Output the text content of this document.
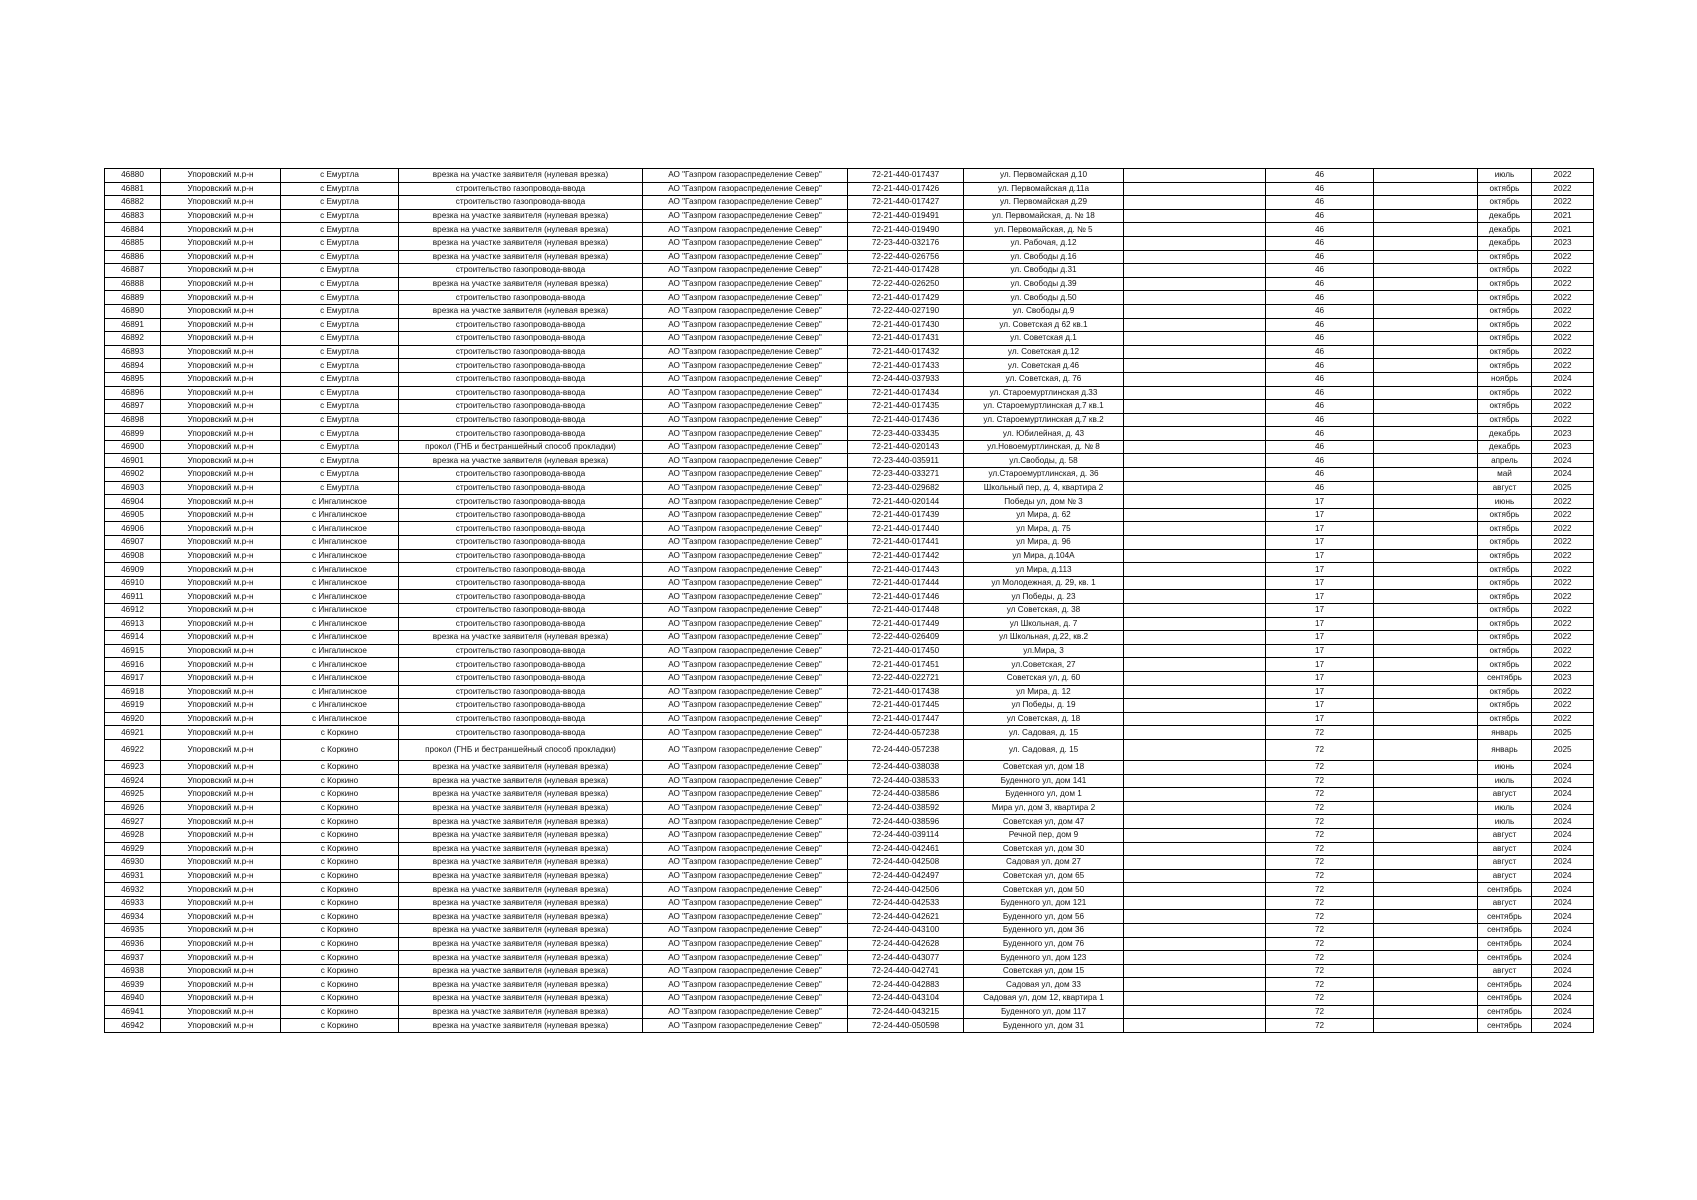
46880	Упоровский м.р-н	с Емуртла	врезка на участке заявителя (нулевая врезка)	АО "Газпром газораспределение Север"	72-21-440-017437	ул. Первомайская д.10		46		июль	2022
46881	Упоровский м.р-н	с Емуртла	строительство газопровода-ввода	АО "Газпром газораспределение Север"	72-21-440-017426	ул. Первомайская д.11а		46		октябрь	2022
46882	Упоровский м.р-н	с Емуртла	строительство газопровода-ввода	АО "Газпром газораспределение Север"	72-21-440-017427	ул. Первомайская д.29		46		октябрь	2022
46883	Упоровский м.р-н	с Емуртла	врезка на участке заявителя (нулевая врезка)	АО "Газпром газораспределение Север"	72-21-440-019491	ул. Первомайская, д. № 18		46		декабрь	2021
46884	Упоровский м.р-н	с Емуртла	врезка на участке заявителя (нулевая врезка)	АО "Газпром газораспределение Север"	72-21-440-019490	ул. Первомайская, д. № 5		46		декабрь	2021
46885	Упоровский м.р-н	с Емуртла	врезка на участке заявителя (нулевая врезка)	АО "Газпром газораспределение Север"	72-23-440-032176	ул. Рабочая, д.12		46		декабрь	2023
46886	Упоровский м.р-н	с Емуртла	врезка на участке заявителя (нулевая врезка)	АО "Газпром газораспределение Север"	72-22-440-026756	ул. Свободы д.16		46		октябрь	2022
46887	Упоровский м.р-н	с Емуртла	строительство газопровода-ввода	АО "Газпром газораспределение Север"	72-21-440-017428	ул. Свободы д.31		46		октябрь	2022
46888	Упоровский м.р-н	с Емуртла	врезка на участке заявителя (нулевая врезка)	АО "Газпром газораспределение Север"	72-22-440-026250	ул. Свободы д.39		46		октябрь	2022
46889	Упоровский м.р-н	с Емуртла	строительство газопровода-ввода	АО "Газпром газораспределение Север"	72-21-440-017429	ул. Свободы д.50		46		октябрь	2022
46890	Упоровский м.р-н	с Емуртла	врезка на участке заявителя (нулевая врезка)	АО "Газпром газораспределение Север"	72-22-440-027190	ул. Свободы д.9		46		октябрь	2022
46891	Упоровский м.р-н	с Емуртла	строительство газопровода-ввода	АО "Газпром газораспределение Север"	72-21-440-017430	ул. Советская д 62 кв.1		46		октябрь	2022
46892	Упоровский м.р-н	с Емуртла	строительство газопровода-ввода	АО "Газпром газораспределение Север"	72-21-440-017431	ул. Советская д.1		46		октябрь	2022
46893	Упоровский м.р-н	с Емуртла	строительство газопровода-ввода	АО "Газпром газораспределение Север"	72-21-440-017432	ул. Советская д.12		46		октябрь	2022
46894	Упоровский м.р-н	с Емуртла	строительство газопровода-ввода	АО "Газпром газораспределение Север"	72-21-440-017433	ул. Советская д.46		46		октябрь	2022
46895	Упоровский м.р-н	с Емуртла	строительство газопровода-ввода	АО "Газпром газораспределение Север"	72-24-440-037933	ул. Советская, д. 76		46		ноябрь	2024
46896	Упоровский м.р-н	с Емуртла	строительство газопровода-ввода	АО "Газпром газораспределение Север"	72-21-440-017434	ул. Староемуртлинская д.33		46		октябрь	2022
46897	Упоровский м.р-н	с Емуртла	строительство газопровода-ввода	АО "Газпром газораспределение Север"	72-21-440-017435	ул. Староемуртлинская д.7 кв.1		46		октябрь	2022
46898	Упоровский м.р-н	с Емуртла	строительство газопровода-ввода	АО "Газпром газораспределение Север"	72-21-440-017436	ул. Староемуртлинская д.7 кв.2		46		октябрь	2022
46899	Упоровский м.р-н	с Емуртла	строительство газопровода-ввода	АО "Газпром газораспределение Север"	72-23-440-033435	ул. Юбилейная, д. 43		46		декабрь	2023
46900	Упоровский м.р-н	с Емуртла	прокол (ГНБ и бестраншейный способ прокладки)	АО "Газпром газораспределение Север"	72-21-440-020143	ул.Новоемуртлинская, д. № 8		46		декабрь	2023
46901	Упоровский м.р-н	с Емуртла	врезка на участке заявителя (нулевая врезка)	АО "Газпром газораспределение Север"	72-23-440-035911	ул.Свободы, д. 58		46		апрель	2024
46902	Упоровский м.р-н	с Емуртла	строительство газопровода-ввода	АО "Газпром газораспределение Север"	72-23-440-033271	ул.Староемуртлинская, д. 36		46		май	2024
46903	Упоровский м.р-н	с Емуртла	строительство газопровода-ввода	АО "Газпром газораспределение Север"	72-23-440-029682	Школьный пер, д. 4, квартира 2		46		август	2025
46904	Упоровский м.р-н	с Ингалинское	строительство газопровода-ввода	АО "Газпром газораспределение Север"	72-21-440-020144	Победы ул, дом № 3		17		июнь	2022
46905	Упоровский м.р-н	с Ингалинское	строительство газопровода-ввода	АО "Газпром газораспределение Север"	72-21-440-017439	ул Мира, д. 62		17		октябрь	2022
46906	Упоровский м.р-н	с Ингалинское	строительство газопровода-ввода	АО "Газпром газораспределение Север"	72-21-440-017440	ул Мира, д. 75		17		октябрь	2022
46907	Упоровский м.р-н	с Ингалинское	строительство газопровода-ввода	АО "Газпром газораспределение Север"	72-21-440-017441	ул Мира, д. 96		17		октябрь	2022
46908	Упоровский м.р-н	с Ингалинское	строительство газопровода-ввода	АО "Газпром газораспределение Север"	72-21-440-017442	ул Мира, д.104А		17		октябрь	2022
46909	Упоровский м.р-н	с Ингалинское	строительство газопровода-ввода	АО "Газпром газораспределение Север"	72-21-440-017443	ул Мира, д.113		17		октябрь	2022
46910	Упоровский м.р-н	с Ингалинское	строительство газопровода-ввода	АО "Газпром газораспределение Север"	72-21-440-017444	ул Молодежная, д. 29, кв. 1		17		октябрь	2022
46911	Упоровский м.р-н	с Ингалинское	строительство газопровода-ввода	АО "Газпром газораспределение Север"	72-21-440-017446	ул Победы, д. 23		17		октябрь	2022
46912	Упоровский м.р-н	с Ингалинское	строительство газопровода-ввода	АО "Газпром газораспределение Север"	72-21-440-017448	ул Советская, д. 38		17		октябрь	2022
46913	Упоровский м.р-н	с Ингалинское	строительство газопровода-ввода	АО "Газпром газораспределение Север"	72-21-440-017449	ул Школьная, д. 7		17		октябрь	2022
46914	Упоровский м.р-н	с Ингалинское	врезка на участке заявителя (нулевая врезка)	АО "Газпром газораспределение Север"	72-22-440-026409	ул Школьная, д.22, кв.2		17		октябрь	2022
46915	Упоровский м.р-н	с Ингалинское	строительство газопровода-ввода	АО "Газпром газораспределение Север"	72-21-440-017450	ул.Мира, 3		17		октябрь	2022
46916	Упоровский м.р-н	с Ингалинское	строительство газопровода-ввода	АО "Газпром газораспределение Север"	72-21-440-017451	ул.Советская, 27		17		октябрь	2022
46917	Упоровский м.р-н	с Ингалинское	строительство газопровода-ввода	АО "Газпром газораспределение Север"	72-22-440-022721	Советская ул, д. 60		17		сентябрь	2023
46918	Упоровский м.р-н	с Ингалинское	строительство газопровода-ввода	АО "Газпром газораспределение Север"	72-21-440-017438	ул Мира, д. 12		17		октябрь	2022
46919	Упоровский м.р-н	с Ингалинское	строительство газопровода-ввода	АО "Газпром газораспределение Север"	72-21-440-017445	ул Победы, д. 19		17		октябрь	2022
46920	Упоровский м.р-н	с Ингалинское	строительство газопровода-ввода	АО "Газпром газораспределение Север"	72-21-440-017447	ул Советская, д. 18		17		октябрь	2022
46921	Упоровский м.р-н	с Коркино	строительство газопровода-ввода	АО "Газпром газораспределение Север"	72-24-440-057238	ул. Садовая, д. 15		72		январь	2025
46922	Упоровский м.р-н	с Коркино	прокол (ГНБ и бестраншейный способ прокладки)	АО "Газпром газораспределение Север"	72-24-440-057238	ул. Садовая, д. 15		72		январь	2025
46923	Упоровский м.р-н	с Коркино	врезка на участке заявителя (нулевая врезка)	АО "Газпром газораспределение Север"	72-24-440-038038	Советская ул, дом 18		72		июнь	2024
46924	Упоровский м.р-н	с Коркино	врезка на участке заявителя (нулевая врезка)	АО "Газпром газораспределение Север"	72-24-440-038533	Буденного ул, дом 141		72		июль	2024
46925	Упоровский м.р-н	с Коркино	врезка на участке заявителя (нулевая врезка)	АО "Газпром газораспределение Север"	72-24-440-038586	Буденного ул, дом 1		72		август	2024
46926	Упоровский м.р-н	с Коркино	врезка на участке заявителя (нулевая врезка)	АО "Газпром газораспределение Север"	72-24-440-038592	Мира ул, дом 3, квартира 2		72		июль	2024
46927	Упоровский м.р-н	с Коркино	врезка на участке заявителя (нулевая врезка)	АО "Газпром газораспределение Север"	72-24-440-038596	Советская ул, дом 47		72		июль	2024
46928	Упоровский м.р-н	с Коркино	врезка на участке заявителя (нулевая врезка)	АО "Газпром газораспределение Север"	72-24-440-039114	Речной пер, дом 9		72		август	2024
46929	Упоровский м.р-н	с Коркино	врезка на участке заявителя (нулевая врезка)	АО "Газпром газораспределение Север"	72-24-440-042461	Советская ул, дом 30		72		август	2024
46930	Упоровский м.р-н	с Коркино	врезка на участке заявителя (нулевая врезка)	АО "Газпром газораспределение Север"	72-24-440-042508	Садовая ул, дом 27		72		август	2024
46931	Упоровский м.р-н	с Коркино	врезка на участке заявителя (нулевая врезка)	АО "Газпром газораспределение Север"	72-24-440-042497	Советская ул, дом 65		72		август	2024
46932	Упоровский м.р-н	с Коркино	врезка на участке заявителя (нулевая врезка)	АО "Газпром газораспределение Север"	72-24-440-042506	Советская ул, дом 50		72		сентябрь	2024
46933	Упоровский м.р-н	с Коркино	врезка на участке заявителя (нулевая врезка)	АО "Газпром газораспределение Север"	72-24-440-042533	Буденного ул, дом 121		72		август	2024
46934	Упоровский м.р-н	с Коркино	врезка на участке заявителя (нулевая врезка)	АО "Газпром газораспределение Север"	72-24-440-042621	Буденного ул, дом 56		72		сентябрь	2024
46935	Упоровский м.р-н	с Коркино	врезка на участке заявителя (нулевая врезка)	АО "Газпром газораспределение Север"	72-24-440-043100	Буденного ул, дом 36		72		сентябрь	2024
46936	Упоровский м.р-н	с Коркино	врезка на участке заявителя (нулевая врезка)	АО "Газпром газораспределение Север"	72-24-440-042628	Буденного ул, дом 76		72		сентябрь	2024
46937	Упоровский м.р-н	с Коркино	врезка на участке заявителя (нулевая врезка)	АО "Газпром газораспределение Север"	72-24-440-043077	Буденного ул, дом 123		72		сентябрь	2024
46938	Упоровский м.р-н	с Коркино	врезка на участке заявителя (нулевая врезка)	АО "Газпром газораспределение Север"	72-24-440-042741	Советская ул, дом 15		72		август	2024
46939	Упоровский м.р-н	с Коркино	врезка на участке заявителя (нулевая врезка)	АО "Газпром газораспределение Север"	72-24-440-042883	Садовая ул, дом 33		72		сентябрь	2024
46940	Упоровский м.р-н	с Коркино	врезка на участке заявителя (нулевая врезка)	АО "Газпром газораспределение Север"	72-24-440-043104	Садовая ул, дом 12, квартира 1		72		сентябрь	2024
46941	Упоровский м.р-н	с Коркино	врезка на участке заявителя (нулевая врезка)	АО "Газпром газораспределение Север"	72-24-440-043215	Буденного ул, дом 117		72		сентябрь	2024
46942	Упоровский м.р-н	с Коркино	врезка на участке заявителя (нулевая врезка)	АО "Газпром газораспределение Север"	72-24-440-050598	Буденного ул, дом 31		72		сентябрь	2024
